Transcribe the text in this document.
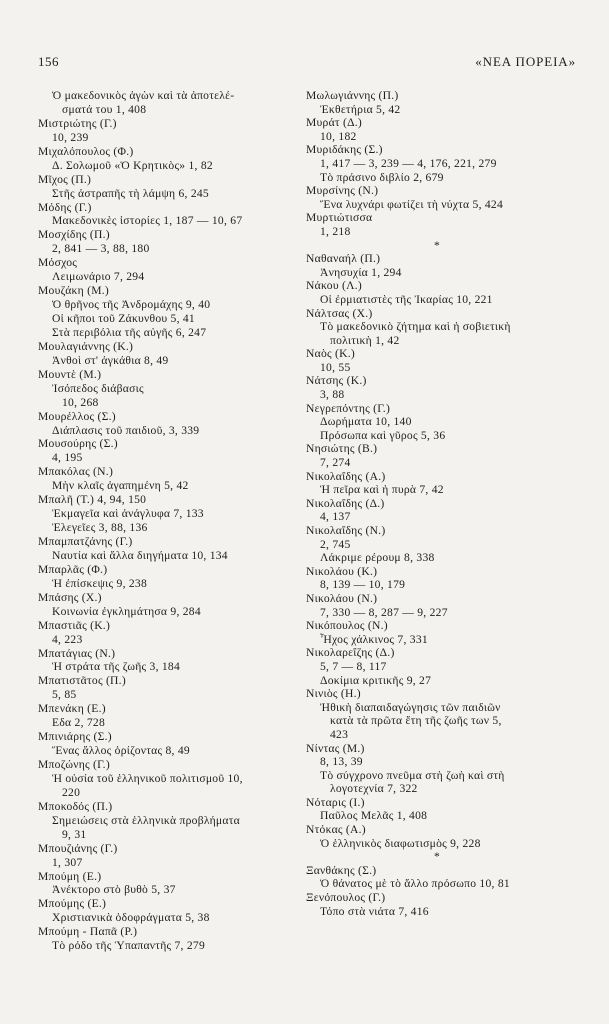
156	«ΝΕΑ ΠΟΡΕΙΑ»
Ὁ μακεδονικὸς ἀγὼν καὶ τὰ ἀποτελέ-
σματά του 1, 408
Μιστριώτης (Γ.)
10, 239
Μιχαλόπουλος (Φ.)
Δ. Σολωμοῦ «Ὁ Κρητικὸς» 1, 82
Μῖχος (Π.)
Στῆς ἀστραπῆς τὴ λάμψη 6, 245
Μόδης (Γ.)
Μακεδονικὲς ἱστορίες 1, 187 — 10, 67
Μοσχίδης (Π.)
2, 841 — 3, 88, 180
Μόσχος
Λειμωνάριο 7, 294
Μουζάκη (Μ.)
Ὁ θρῆνος τῆς Ἀνδρομάχης 9, 40
Οἱ κῆποι τοῦ Ζάκυνθου 5, 41
Στὰ περιβόλια τῆς αὐγῆς 6, 247
Μουλαγιάννης (Κ.)
Ἀνθοὶ στ' ἀγκάθια 8, 49
Μουντὲ (Μ.)
Ἰσόπεδος διάβασις
10, 268
Μουρέλλος (Σ.)
Διάπλασις τοῦ παιδιοῦ, 3, 339
Μουσούρης (Σ.)
4, 195
Μπακόλας (Ν.)
Μὴν κλαῖς ἀγαπημένη 5, 42
Μπαλῆ (Τ.) 4, 94, 150
Ἐκμαγεῖα καὶ ἀνάγλυφα 7, 133
Ἐλεγεῖες 3, 88, 136
Μπαμπατζάνης (Γ.)
Ναυτία καὶ ἄλλα διηγήματα 10, 134
Μπαρλᾶς (Φ.)
Ἡ ἐπίσκεψις 9, 238
Μπάσης (Χ.)
Κοινωνία ἐγκλημάτησα 9, 284
Μπαστιᾶς (Κ.)
4, 223
Μπατάγιας (Ν.)
Ἡ στράτα τῆς ζωῆς 3, 184
Μπατιστᾶτος (Π.)
5, 85
Μπενάκη (Ε.)
Εδα 2, 728
Μπινιάρης (Σ.)
Ἕνας ἄλλος ὁρίζοντας 8, 49
Μποζώνης (Γ.)
Ἡ οὐσία τοῦ ἑλληνικοῦ πολιτισμοῦ 10,
220
Μποκοδός (Π.)
Σημειώσεις στὰ ἑλληνικὰ προβλήματα
9, 31
Μπουζιάνης (Γ.)
1, 307
Μπούμη (Ε.)
Ἀνέκτορο στὸ βυθὸ 5, 37
Μπούμης (Ε.)
Χριστιανικὰ ὁδοφράγματα 5, 38
Μπούμη - Παπᾶ (Ρ.)
Τὸ ρόδο τῆς Ὑπαπαντῆς 7, 279
Μωλωγιάννης (Π.)
Ἐκθετήρια 5, 42
Μυράτ (Δ.)
10, 182
Μυριδάκης (Σ.)
1, 417 — 3, 239 — 4, 176, 221, 279
Τὸ πράσινο διβλίο 2, 679
Μυρσίνης (Ν.)
Ἕνα λυχνάρι φωτίζει τὴ νύχτα 5, 424
Μυρτιώτισσα
1, 218
*
Ναθαναήλ (Π.)
Ἀνησυχία 1, 294
Νάκου (Λ.)
Οἱ ἐρμιατιστὲς τῆς Ἰκαρίας 10, 221
Νάλτσας (Χ.)
Τὸ μακεδονικὸ ζήτημα καὶ ἡ σοβιετικὴ
πολιτικὴ 1, 42
Ναὸς (Κ.)
10, 55
Νάτσης (Κ.)
3, 88
Νεγρεπόντης (Γ.)
Δωρήματα 10, 140
Πρόσωπα καὶ γῦρος 5, 36
Νησιώτης (Β.)
7, 274
Νικολαΐδης (Α.)
Ἡ πεῖρα καὶ ἡ πυρὰ 7, 42
Νικολαΐδης (Δ.)
4, 137
Νικολαΐδης (Ν.)
2, 745
Λάκριμε ρέρουμ 8, 338
Νικολάου (Κ.)
8, 139 — 10, 179
Νικολάου (Ν.)
7, 330 — 8, 287 — 9, 227
Νικόπουλος (Ν.)
Ἦχος χάλκινος 7, 331
Νικολαρεΐζης (Δ.)
5, 7 — 8, 117
Δοκίμια κριτικῆς 9, 27
Νινιὸς (Η.)
Ἠθικὴ διαπαιδαγώγησις τῶν παιδιῶν
κατὰ τὰ πρῶτα ἔτη τῆς ζωῆς των 5,
423
Νίντας (Μ.)
8, 13, 39
Τὸ σύγχρονο πνεῦμα στὴ ζωὴ καὶ στὴ
λογοτεχνία 7, 322
Νόταρις (Ι.)
Παῦλος Μελᾶς 1, 408
Ντόκας (Α.)
Ὁ ἑλληνικὸς διαφωτισμὸς 9, 228
*
Ξανθάκης (Σ.)
Ὁ θάνατος μὲ τὸ ἄλλο πρόσωπο 10, 81
Ξενόπουλος (Γ.)
Τόπο στὰ νιάτα 7, 416
